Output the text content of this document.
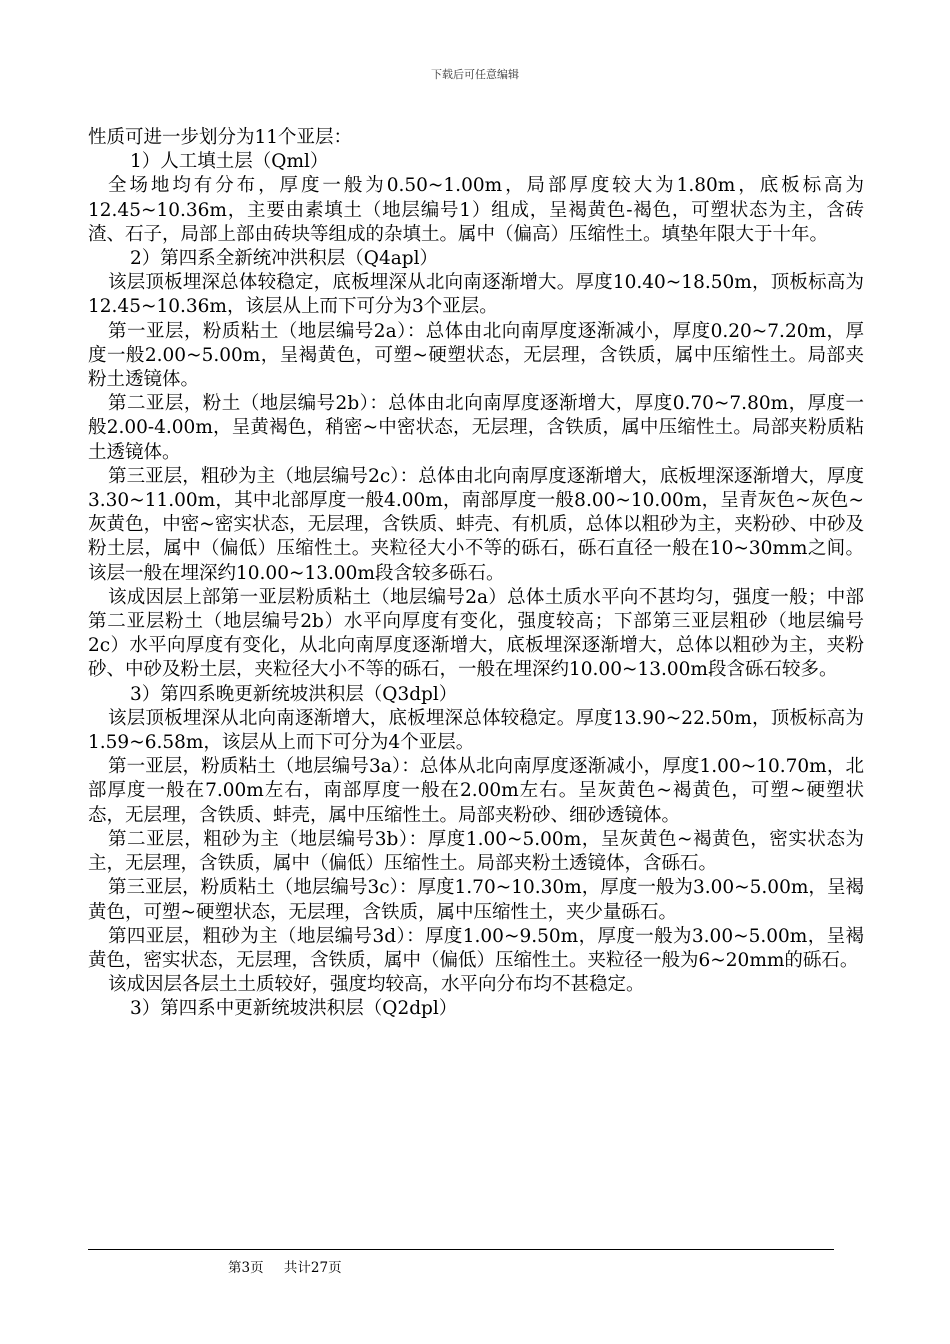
下载后可任意编辑

性质可进一步划分为11个亚层：

1）人工填土层（Qml）

全场地均有分布，厚度一般为0.50~1.00m，局部厚度较大为1.80m，底板标高为12.45~10.36m，主要由素填土（地层编号1）组成，呈褐黄色-褐色，可塑状态为主，含砖渣、石子，局部上部由砖块等组成的杂填土。属中（偏高）压缩性土。填垫年限大于十年。

2）第四系全新统冲洪积层（Q4apl）

该层顶板埋深总体较稳定，底板埋深从北向南逐渐增大。厚度10.40~18.50m，顶板标高为12.45~10.36m，该层从上而下可分为3个亚层。

第一亚层，粉质粘土（地层编号2a）：总体由北向南厚度逐渐减小，厚度0.20~7.20m，厚度一般2.00~5.00m，呈褐黄色，可塑~硬塑状态，无层理，含铁质，属中压缩性土。局部夹粉土透镜体。

第二亚层，粉土（地层编号2b）：总体由北向南厚度逐渐增大，厚度0.70~7.80m，厚度一般2.00-4.00m，呈黄褐色，稍密~中密状态，无层理，含铁质，属中压缩性土。局部夹粉质粘土透镜体。

第三亚层，粗砂为主（地层编号2c）：总体由北向南厚度逐渐增大，底板埋深逐渐增大，厚度3.30~11.00m，其中北部厚度一般4.00m，南部厚度一般8.00~10.00m，呈青灰色~灰色~灰黄色，中密~密实状态，无层理，含铁质、蚌壳、有机质，总体以粗砂为主，夹粉砂、中砂及粉土层，属中（偏低）压缩性土。夹粒径大小不等的砾石，砾石直径一般在10~30mm之间。该层一般在埋深约10.00~13.00m段含较多砾石。

该成因层上部第一亚层粉质粘土（地层编号2a）总体土质水平向不甚均匀，强度一般；中部第二亚层粉土（地层编号2b）水平向厚度有变化，强度较高；下部第三亚层粗砂（地层编号2c）水平向厚度有变化，从北向南厚度逐渐增大，底板埋深逐渐增大，总体以粗砂为主，夹粉砂、中砂及粉土层，夹粒径大小不等的砾石，一般在埋深约10.00~13.00m段含砾石较多。

3）第四系晚更新统坡洪积层（Q3dpl）

该层顶板埋深从北向南逐渐增大，底板埋深总体较稳定。厚度13.90~22.50m，顶板标高为1.59~6.58m，该层从上而下可分为4个亚层。

第一亚层，粉质粘土（地层编号3a）：总体从北向南厚度逐渐减小，厚度1.00~10.70m，北部厚度一般在7.00m左右，南部厚度一般在2.00m左右。呈灰黄色~褐黄色，可塑~硬塑状态，无层理，含铁质、蚌壳，属中压缩性土。局部夹粉砂、细砂透镜体。

第二亚层，粗砂为主（地层编号3b）：厚度1.00~5.00m，呈灰黄色~褐黄色，密实状态为主，无层理，含铁质，属中（偏低）压缩性土。局部夹粉土透镜体，含砾石。

第三亚层，粉质粘土（地层编号3c）：厚度1.70~10.30m，厚度一般为3.00~5.00m，呈褐黄色，可塑~硬塑状态，无层理，含铁质，属中压缩性土，夹少量砾石。

第四亚层，粗砂为主（地层编号3d）：厚度1.00~9.50m，厚度一般为3.00~5.00m，呈褐黄色，密实状态，无层理，含铁质，属中（偏低）压缩性土。夹粒径一般为6~20mm的砾石。

该成因层各层土土质较好，强度均较高，水平向分布均不甚稳定。

3）第四系中更新统坡洪积层（Q2dpl）

第3页 共计27页
